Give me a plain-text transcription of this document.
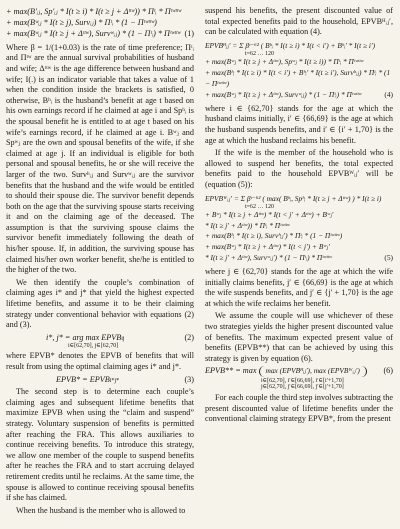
+ max(B′ᵢⱼ, Sp′ᵢⱼ * I(t ≥ i) * I(t ≥ j + Δᵗᵗʷ)) * Πᵗᵢ * Πᵗʷᵗᵗʷ
+ max(Bʷᵢⱼ * I(t ≥ j), Survᵢⱼ) * Πᵗᵢ * (1 − Πᵗʷᵗᵗʷ)
+ max(Bʷᵢⱼ * I(t ≥ j + Δᵗᵗʷ), Survʷᵢⱼ) * (1 − Πᵗᵢ) * Πᵗʷᵗᵗʷ (1)

Where β = 1/(1+0.03) is the rate of time preference; Πᵗᵢ and Πᵗʷ are the annual survival probabilities of husband and wife; Δᵗᵗʷ is the age difference between husband and wife; I(.) is an indicator variable that takes a value of 1 when the condition inside the brackets is satisfied, 0 otherwise, Bʰᵢ is the husband’s benefit at age t based on his own earnings record if he claimed at age i and Spʰᵢ is the spousal benefit he is entitled to at age t based on his wife’s earnings record, if he claimed at age i. Bʷⱼ and Spʷⱼ are the own and spousal benefits of the wife, if she claimed at age j. If an individual is eligible for both personal and spousal benefits, he or she will receive the larger of the two. Survʰᵢⱼ and Survʷᵢⱼ are the survivor benefits that the husband and the wife would be entitled to should their spouse die. The survivor benefit depends both on the age that the surviving spouse starts receiving it and on the claiming age of the deceased. The assumption is that the surviving spouse claims the survivor benefit immediately following the death of his/her spouse. If, in addition, the surviving spouse has claimed his/her own worker benefit, she/he is entitled to the higher of the two.

We then identify the couple’s combination of claiming ages i* and j* that yield the highest expected lifetime benefits, and assume it to be their claiming strategy under conventional behavior with equations (2) and (3).

i*, j* = arg max EPVBij
i∈[62,70], j∈[62,70]
(2)

where EPVB* denotes the EPVB of benefits that will result from using the optimal claiming ages i* and j*.

EPVB* = EPVBi*j*	(3)

The second step is to determine each couple’s claiming ages and subsequent lifetime benefits that maximize EPVB when using the “claim and suspend” strategy. Voluntary suspension of benefits is permitted after reaching the FRA. This allows auxiliaries to continue receiving benefits. To introduce this strategy, we allow one member of the couple to suspend benefits after he reaches the FRA and to start accruing delayed retirement credits until he reclaims. At the same time, the spouse is allowed to continue receiving spousal benefits if she has claimed.

When the husband is the member who is allowed to

suspend his benefits, the present discounted value of total expected benefits paid to the household, EPVBᴴᵢⱼ′, can be calculated with equation (4).

EPVBᴴᵢⱼ′ = Σ βᵗ⁻⁶² ( Bʰᵢ * I(t ≥ i) * I(t < i′) + Bʰᵢ′ * I(t ≥ i′)
t=62 … 120
+ max(Bʷⱼ * I(t ≥ j + Δᵗᵗʷ), Spʷⱼ * I(t ≥ i)) * Πᵗᵢ * Πᵗʷᵗᵗʷ
+ max(Bʰᵢ * I(t ≥ i) * I(t < i′) + Bʰᵢ′ * I(t ≥ i′), Survʰᵢⱼ) * Πᵗᵢ * (1 − Πᵗʷᵗᵗʷ)
+ max(Bʷⱼ * I(t ≥ j + Δᵗᵗʷ), Survʷᵢⱼ) * (1 − Πᵗᵢ) * Πᵗʷᵗᵗʷ	(4)

where i ∈ {62,70} stands for the age at which the husband claims initially, i′ ∈ {66,69} is the age at which the husband suspends benefits, and i′ ∈ {i′ + 1,70} is the age at which the husband reclaims his benefit.

If the wife is the member of the household who is allowed to suspend her benefits, the total expected benefits paid to the household EPVBᵂᵢⱼ′ will be (equation (5)):

EPVBᵂᵢⱼ′ = Σ βᵗ⁻⁶² ( max( Bʰᵢ, Spʰᵢ * I(t ≥ j + Δᵗᵗʷ) ) * I(t ≥ i)
t=62 … 120
+ Bʷⱼ * I(t ≥ j + Δᵗᵗʷ) * I(t < j′ + Δᵗᵗʷ) + Bʷⱼ′
* I(t ≥ j′ + Δᵗᵗʷ)) * Πᵗᵢ * Πᵗʷᵗᵗʷ
+ max(Bʰᵢ * I(t ≥ i), Survʰᵢⱼ′) * Πᵗᵢ * (1 − Πᵗʷᵗᵗʷ)
+ max(Bʷⱼ * I(t ≥ j + Δᵗᵗʷ) * I(t < j′) + Bʷⱼ′
* I(t ≥ j′ + Δᵗᵗʷ), Survʷᵢⱼ′) * (1 − Πᵗᵢ) * Πᵗʷᵗᵗʷ	(5)

where j ∈ {62,70} stands for the age at which the wife initially claims benefits, j′ ∈ {66,69} is the age at which the wife suspends benefits, and j′ ∈ {j′ + 1,70} is the age at which the wife reclaims her benefit.

We assume the couple will use whichever of these two strategies yields the higher present discounted value of benefits. The maximum expected present value of benefits (EPVB**) that can be achieved by using this strategy is given by equation (6).

EPVB** = max max (EPVBᴴᵢⱼ′), max (EPVBᵂᵢⱼ′)	(6)
i∈[62,70], i′∈[66,69], i′∈[i′+1,70]
j∈[62,70], j′∈[66,69], j′∈[j′+1,70]

For each couple the third step involves subtracting the present discounted value of lifetime benefits under the conventional claiming strategy EPVB*, from the present
